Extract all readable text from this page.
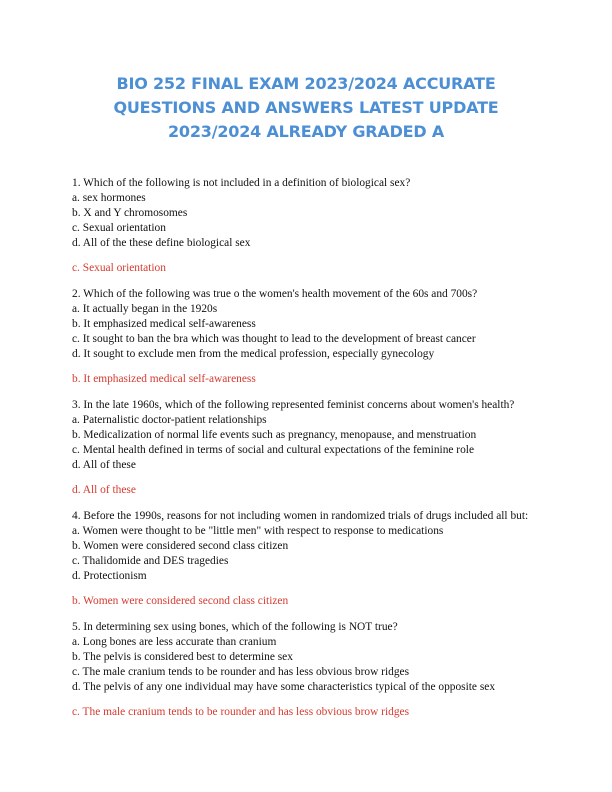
BIO 252 FINAL EXAM 2023/2024 ACCURATE
QUESTIONS AND ANSWERS LATEST UPDATE
2023/2024 ALREADY GRADED A
1. Which of the following is not included in a definition of biological sex?
a. sex hormones
b. X and Y chromosomes
c. Sexual orientation
d. All of the these define biological sex
c. Sexual orientation
2. Which of the following was true o the women's health movement of the 60s and 700s?
a. It actually began in the 1920s
b. It emphasized medical self-awareness
c. It sought to ban the bra which was thought to lead to the development of breast cancer
d. It sought to exclude men from the medical profession, especially gynecology
b. It emphasized medical self-awareness
3. In the late 1960s, which of the following represented feminist concerns about women's health?
a. Paternalistic doctor-patient relationships
b. Medicalization of normal life events such as pregnancy, menopause, and menstruation
c. Mental health defined in terms of social and cultural expectations of the feminine role
d. All of these
d. All of these
4. Before the 1990s, reasons for not including women in randomized trials of drugs included all but:
a. Women were thought to be "little men" with respect to response to medications
b. Women were considered second class citizen
c. Thalidomide and DES tragedies
d. Protectionism
b. Women were considered second class citizen
5. In determining sex using bones, which of the following is NOT true?
a. Long bones are less accurate than cranium
b. The pelvis is considered best to determine sex
c. The male cranium tends to be rounder and has less obvious brow ridges
d. The pelvis of any one individual may have some characteristics typical of the opposite sex
c. The male cranium tends to be rounder and has less obvious brow ridges
